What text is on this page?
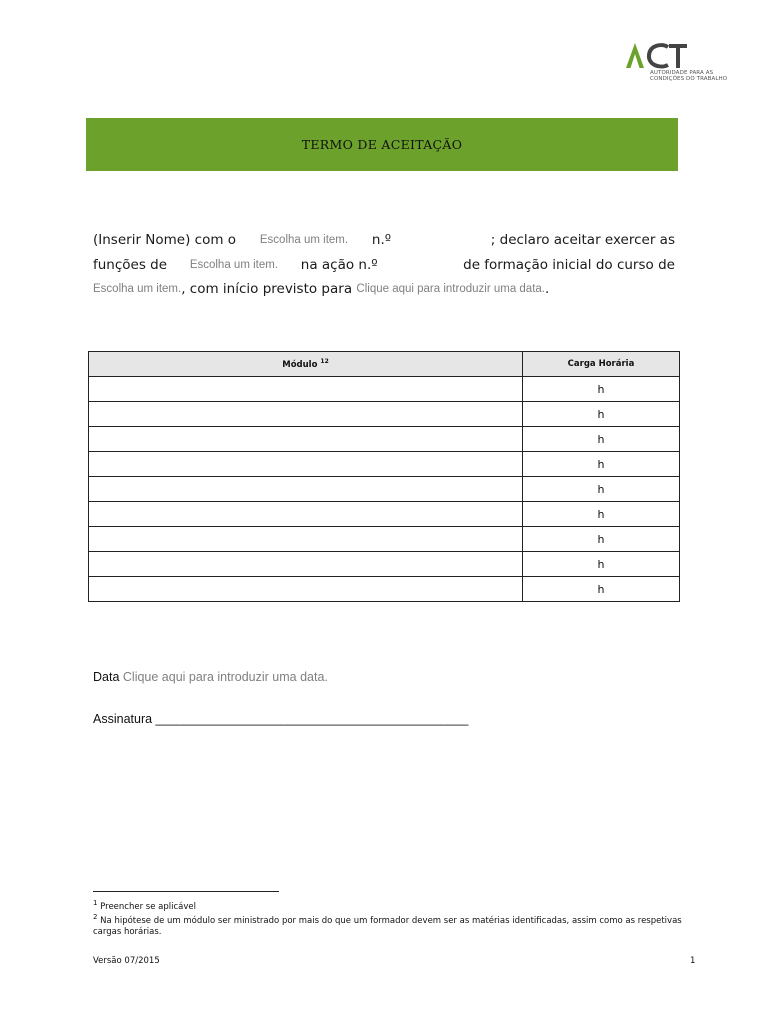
AUTORIDADE PARA AS
CONDIÇÕES DO TRABALHO
TERMO DE ACEITAÇÃO
(Inserir Nome) com o Escolha um item. n.º	; declaro aceitar exercer as
funções de Escolha um item. na ação n.º	de formação inicial do curso de
Escolha um item. , com início previsto para
Clique aqui para introduzir uma data. .
Módulo $^{12}$	Carga Horária
	h
	h
	h
	h
	h
	h
	h
	h
	h
Data Clique aqui para introduzir uma data.
Assinatura _____________________________________________
$^1$ Preencher se aplicável
$^2$ Na hipótese de um módulo ser ministrado por mais do que um formador devem ser as matérias identificadas, assim como as respetivas cargas horárias.
Versão 07/2015	1
